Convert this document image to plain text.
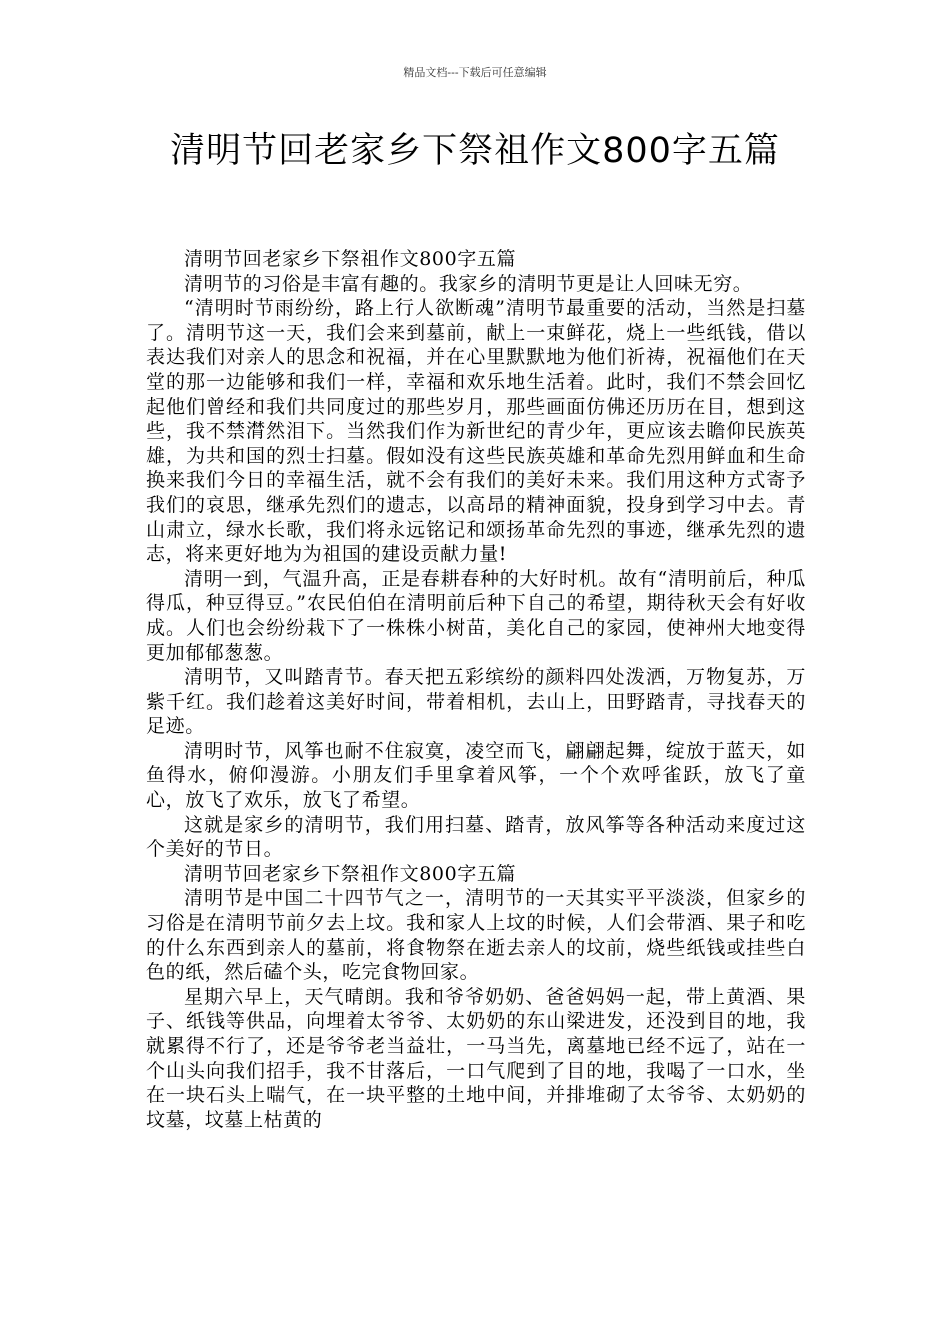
精品文档---下载后可任意编辑
清明节回老家乡下祭祖作文800字五篇

清明节回老家乡下祭祖作文800字五篇

清明节的习俗是丰富有趣的。我家乡的清明节更是让人回味无穷。

“清明时节雨纷纷，路上行人欲断魂”清明节最重要的活动，当然是扫墓了。清明节这一天，我们会来到墓前，献上一束鲜花，烧上一些纸钱，借以表达我们对亲人的思念和祝福，并在心里默默地为他们祈祷，祝福他们在天堂的那一边能够和我们一样，幸福和欢乐地生活着。此时，我们不禁会回忆起他们曾经和我们共同度过的那些岁月，那些画面仿佛还历历在目，想到这些，我不禁潸然泪下。当然我们作为新世纪的青少年，更应该去瞻仰民族英雄，为共和国的烈士扫墓。假如没有这些民族英雄和革命先烈用鲜血和生命换来我们今日的幸福生活，就不会有我们的美好未来。我们用这种方式寄予我们的哀思，继承先烈们的遗志，以高昂的精神面貌，投身到学习中去。青山肃立，绿水长歌，我们将永远铭记和颂扬革命先烈的事迹，继承先烈的遗志，将来更好地为为祖国的建设贡献力量!

清明一到，气温升高，正是春耕春种的大好时机。故有“清明前后，种瓜得瓜，种豆得豆。”农民伯伯在清明前后种下自己的希望，期待秋天会有好收成。人们也会纷纷栽下了一株株小树苗，美化自己的家园，使神州大地变得更加郁郁葱葱。

清明节，又叫踏青节。春天把五彩缤纷的颜料四处泼洒，万物复苏，万紫千红。我们趁着这美好时间，带着相机，去山上，田野踏青，寻找春天的足迹。

清明时节，风筝也耐不住寂寞，凌空而飞，翩翩起舞，绽放于蓝天，如鱼得水，俯仰漫游。小朋友们手里拿着风筝，一个个欢呼雀跃，放飞了童心，放飞了欢乐，放飞了希望。

这就是家乡的清明节，我们用扫墓、踏青，放风筝等各种活动来度过这个美好的节日。

清明节回老家乡下祭祖作文800字五篇

清明节是中国二十四节气之一，清明节的一天其实平平淡淡，但家乡的习俗是在清明节前夕去上坟。我和家人上坟的时候，人们会带酒、果子和吃的什么东西到亲人的墓前，将食物祭在逝去亲人的坟前，烧些纸钱或挂些白色的纸，然后磕个头，吃完食物回家。

星期六早上，天气晴朗。我和爷爷奶奶、爸爸妈妈一起，带上黄酒、果子、纸钱等供品，向埋着太爷爷、太奶奶的东山梁进发，还没到目的地，我就累得不行了，还是爷爷老当益壮，一马当先，离墓地已经不远了，站在一个山头向我们招手，我不甘落后，一口气爬到了目的地，我喝了一口水，坐在一块石头上喘气，在一块平整的土地中间，并排堆砌了太爷爷、太奶奶的坟墓，坟墓上枯黄的
